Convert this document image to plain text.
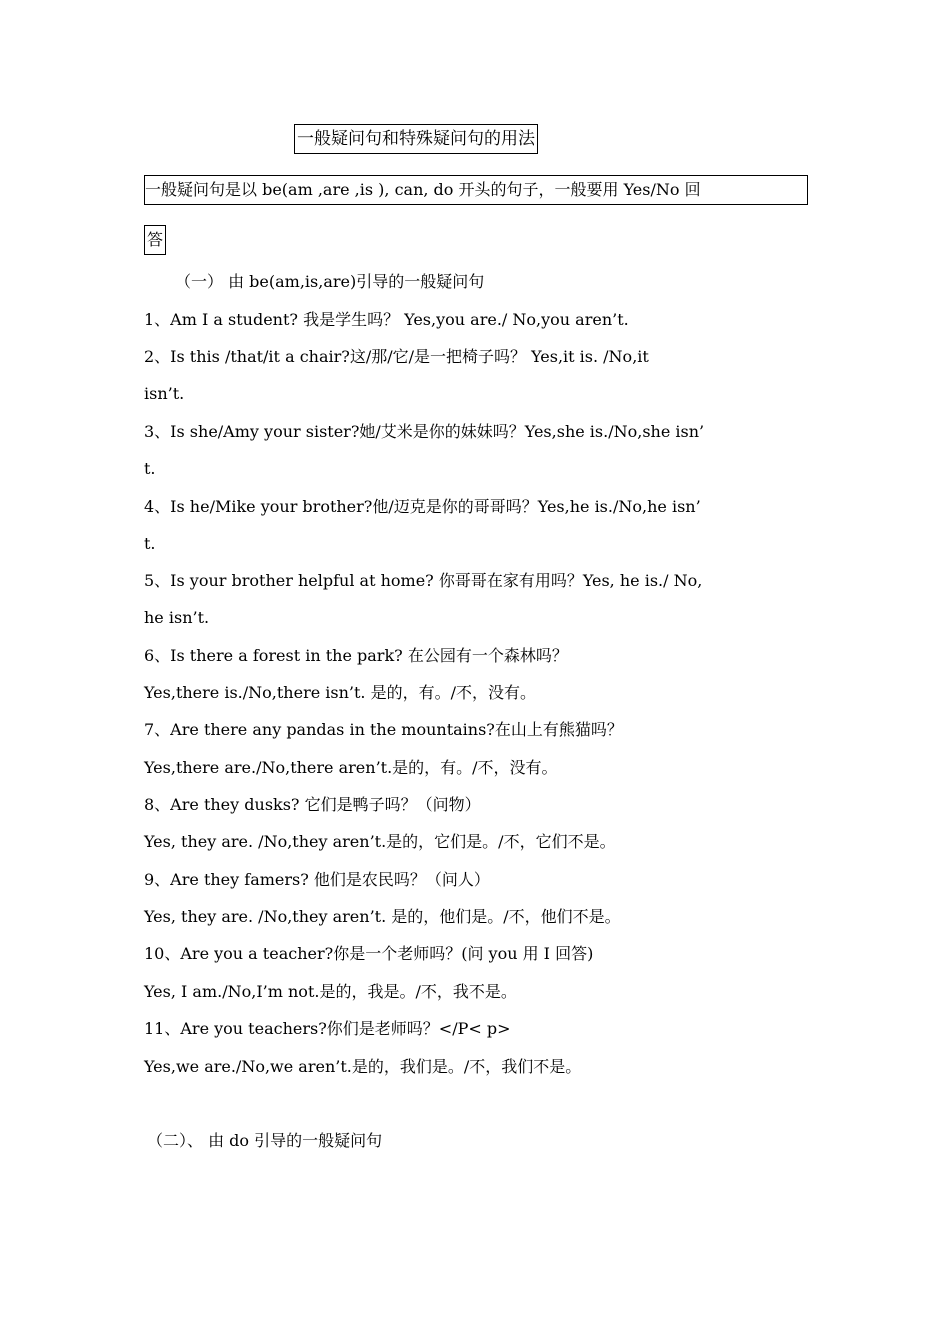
一般疑问句和特殊疑问句的用法
一般疑问句是以 be(am ,are ,is ), can, do 开头的句子，一般要用 Yes/No 回
答
（一） 由 be(am,is,are)引导的一般疑问句
1、Am I a student? 我是学生吗？ Yes,you are./ No,you aren’t.
2、Is this /that/it a chair?这/那/它/是一把椅子吗？ Yes,it is. /No,it
isn’t.
3、Is she/Amy your sister?她/艾米是你的妹妹吗？Yes,she is./No,she isn’
t.
4、Is he/Mike your brother?他/迈克是你的哥哥吗？Yes,he is./No,he isn’
t.
5、Is your brother helpful at home? 你哥哥在家有用吗？Yes, he is./ No,
he isn’t.
6、Is there a forest in the park? 在公园有一个森林吗？
Yes,there is./No,there isn’t. 是的，有。/不，没有。
7、Are there any pandas in the mountains?在山上有熊猫吗？
Yes,there are./No,there aren’t.是的，有。/不，没有。
8、Are they dusks? 它们是鸭子吗？（问物）
Yes, they are. /No,they aren’t.是的，它们是。/不，它们不是。
9、Are they famers? 他们是农民吗？（问人）
Yes, they are. /No,they aren’t. 是的，他们是。/不，他们不是。
10、Are you a teacher?你是一个老师吗？(问 you 用 I 回答)
Yes, I am./No,I’m not.是的，我是。/不，我不是。
11、Are you teachers?你们是老师吗？</P< p>
Yes,we are./No,we aren’t.是的，我们是。/不，我们不是。
（二）、 由 do 引导的一般疑问句
